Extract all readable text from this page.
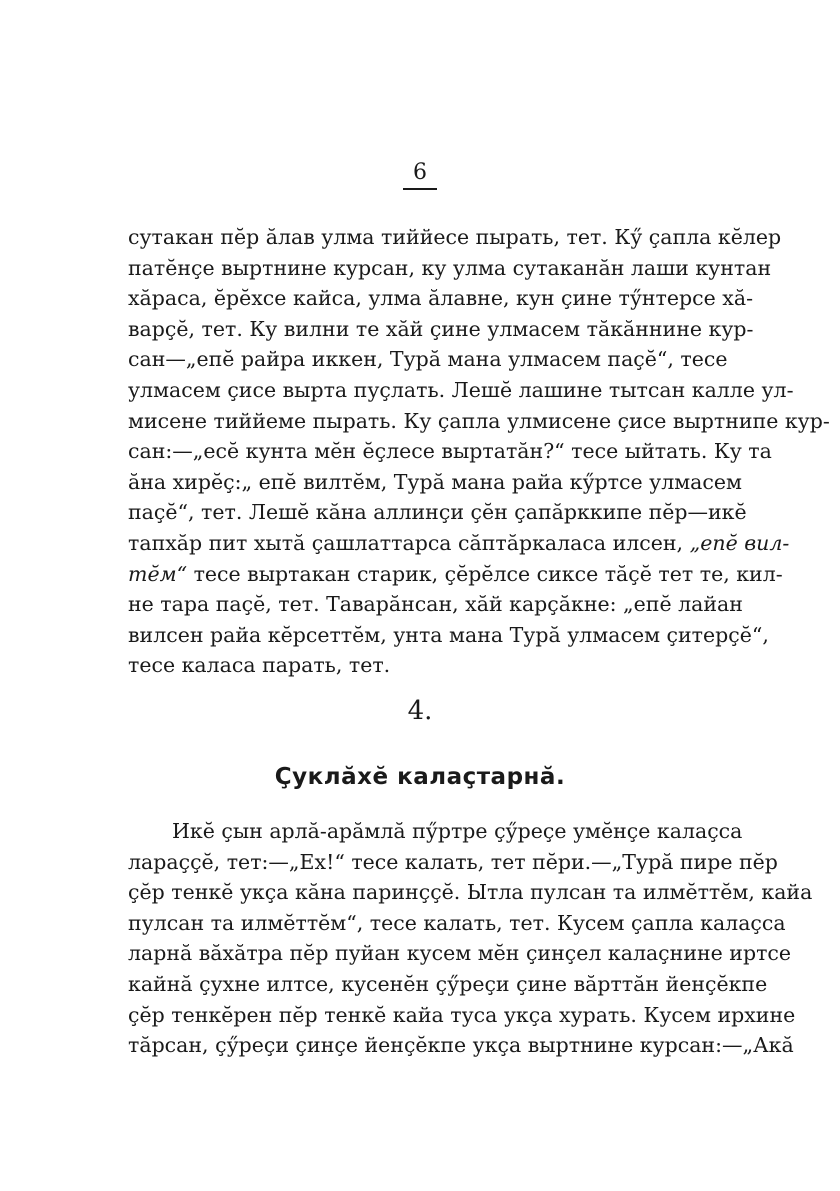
6
сутакан пĕр ăлав улма тиййесе пырать, тет. Кӳ çапла кĕлер
патĕнҫе выртнине курсан, ку улма сутаканăн лаши кунтан
хăраса, ĕрĕхсе кайса, улма ăлавне, кун çине тӳнтерсе хă-
варҫĕ, тет. Ку вилни те хăй çине улмасем тăкăннине кур-
сан—„епĕ райра иккен, Турă мана улмасем паҫĕ“, тесе
улмасем çисе вырта пуçлать. Лешĕ лашине тытсан калле ул-
мисене тиййеме пырать. Ку çапла улмисене çисе выртнипе кур-
сан:—„есĕ кунта мĕн ĕçлесе выртатăн?“ тесе ыйтать. Ку та
ăна хирĕç:„ епĕ вилтĕм, Турă мана райа кӳртсе улмасем
паҫĕ“, тет. Лешĕ кăна аллинҫи ҫĕн ҫапăрккипе пĕр—икĕ
тапхăр пит хытă ҫашлаттарса сăптăркаласа илсен, „епĕ вил-
тĕм“ тесе выртакан старик, ҫĕрĕлсе сиксе тăҫĕ тет те, кил-
не тара паҫĕ, тет. Таварăнсан, хăй карҫăкне: „епĕ лайан
вилсен райа кĕрсеттĕм, унта мана Турă улмасем çитерҫĕ“,
тесе каласа парать, тет.
4.
Çуклăхĕ калаçтарнă.
Икĕ çын арлă-арăмлă пӳртре ҫӳреҫе умĕнҫе калаçса
ларaççĕ, тет:—„Ех!“ тесе калать, тет пĕри.—„Турă пире пĕр
çĕр тенкĕ укçа кăна паринҫҫĕ. Ытла пулсан та илмĕттĕм, кайа
пулсан та илмĕттĕм“, тесе калать, тет. Кусем çапла калаçса
ларнă вăхăтра пĕр пуйан кусем мĕн çинҫел калаçнине иртсе
кайнă ҫухне илтсе, кусенĕн ҫӳреҫи çине вăрттăн йенҫĕкпе
çĕр тенкĕрен пĕр тенкĕ кайа туса укçа хурать. Кусем ирхине
тăрсан, ҫӳреҫи çинҫе йенҫĕкпе укçа выртнине курсан:—„Акă
